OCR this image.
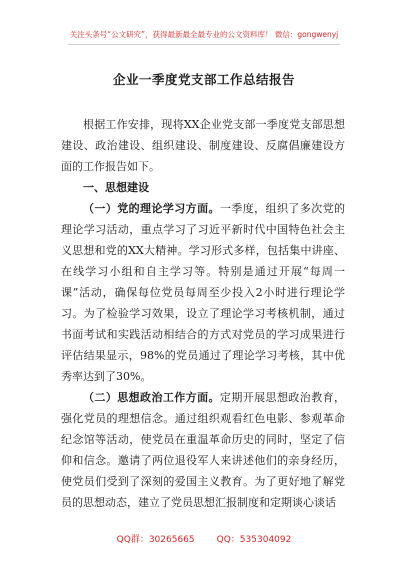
关注头条号“公文研究”，获得最新最全最专业的公文资料库！ 微信：gongwenyj
企业一季度党支部工作总结报告

根据工作安排，现将XX企业党支部一季度党支部思想建设、政治建设、组织建设、制度建设、反腐倡廉建设方面的工作报告如下。

一、思想建设

（一）党的理论学习方面。一季度，组织了多次党的理论学习活动，重点学习了习近平新时代中国特色社会主义思想和党的XX大精神。学习形式多样，包括集中讲座、在线学习小组和自主学习等。特别是通过开展“每周一课”活动，确保每位党员每周至少投入2小时进行理论学习。为了检验学习效果，设立了理论学习考核机制，通过书面考试和实践活动相结合的方式对党员的学习成果进行评估结果显示，98%的党员通过了理论学习考核，其中优秀率达到了30%。

（二）思想政治工作方面。定期开展思想政治教育，强化党员的理想信念。通过组织观看红色电影、参观革命纪念馆等活动，使党员在重温革命历史的同时，坚定了信仰和信念。邀请了两位退役军人来讲述他们的亲身经历，使党员们受到了深刻的爱国主义教育。为了更好地了解党员的思想动态，建立了党员思想汇报制度和定期谈心谈话

QQ群：30265665 QQ：535304092
